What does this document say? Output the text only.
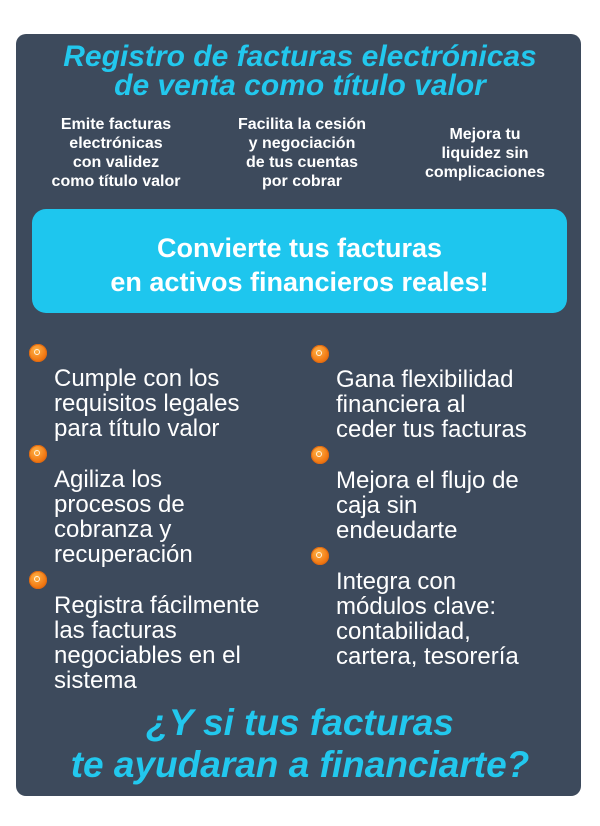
Registro de facturas electrónicas
de venta como título valor
Emite facturas
electrónicas
con validez
como título valor
Facilita la cesión
y negociación
de tus cuentas
por cobrar
Mejora tu
liquidez sin
complicaciones
Convierte tus facturas
en activos financieros reales!

Cumple con los
requisitos legales
para título valor

Agiliza los
procesos de
cobranza y
recuperación

Registra fácilmente
las facturas
negociables en el
sistema

Gana flexibilidad
financiera al
ceder tus facturas

Mejora el flujo de
caja sin
endeudarte

Integra con
módulos clave:
contabilidad,
cartera, tesorería

¿Y si tus facturas
te ayudaran a financiarte?
